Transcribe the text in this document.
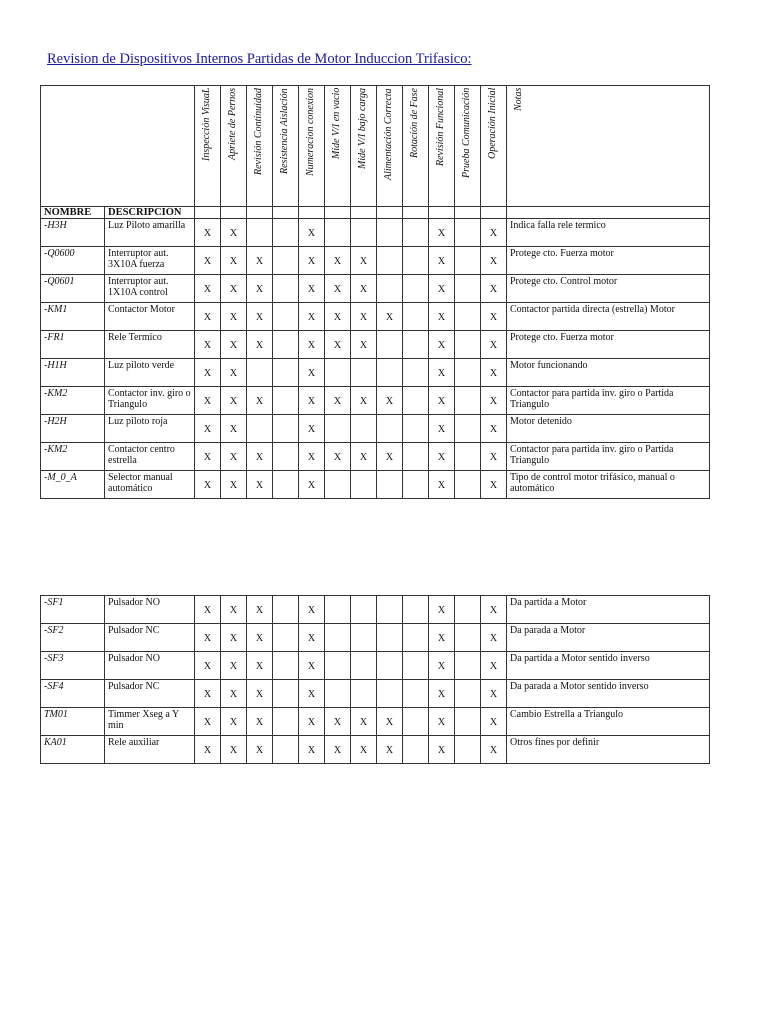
Revision de Dispositivos Internos Partidas de Motor Induccion Trifasico:

		Inspección VisuaL	Apriete de Pernos	Revisión Continuidad	Resistencia Aislación	Numeracion conexion	Mide V/I en vacio	Mide V/I bajo carga	Alimentación Correcta	Rotación de Fase	Revisión Funcional	Prueba Comunicación	Operación Inicial	Notas

NOMBRE	DESCRIPCIÓN													
-H3H	Luz Piloto amarilla	X	X			X					X		X	Indica falla rele termico
-Q0600	Interruptor aut. 3X10A fuerza	X	X	X		X	X	X			X		X	Protege cto. Fuerza motor
-Q0601	Interruptor aut. 1X10A control	X	X	X		X	X	X			X		X	Protege cto. Control motor
-KM1	Contactor Motor	X	X	X		X	X	X	X		X		X	Contactor partida directa (estrella) Motor
-FR1	Rele Termico	X	X	X		X	X	X			X		X	Protege cto. Fuerza motor
-H1H	Luz piloto verde	X	X			X					X		X	Motor funcionando
-KM2	Contactor inv. giro o Triangulo	X	X	X		X	X	X	X		X		X	Contactor para partida inv. giro o Partida Triangulo
-H2H	Luz piloto roja	X	X			X					X		X	Motor detenido
-KM2	Contactor centro estrella	X	X	X		X	X	X	X		X		X	Contactor para partida inv. giro o Partida Triangulo
-M_0_A	Selector manual automático	X	X	X		X					X		X	Tipo de control motor trifásico, manual o automático
-SF1	Pulsador NO	X	X	X		X					X		X	Da partida a Motor
-SF2	Pulsador NC	X	X	X		X					X		X	Da parada a Motor
-SF3	Pulsador NO	X	X	X		X					X		X	Da partida a Motor sentido inverso
-SF4	Pulsador NC	X	X	X		X					X		X	Da parada a Motor sentido inverso
TM01	Timmer Xseg a Y min	X	X	X		X	X	X	X		X		X	Cambio Estrella a Triangulo
KA01	Rele auxiliar	X	X	X		X	X	X	X		X		X	Otros fines por definir
